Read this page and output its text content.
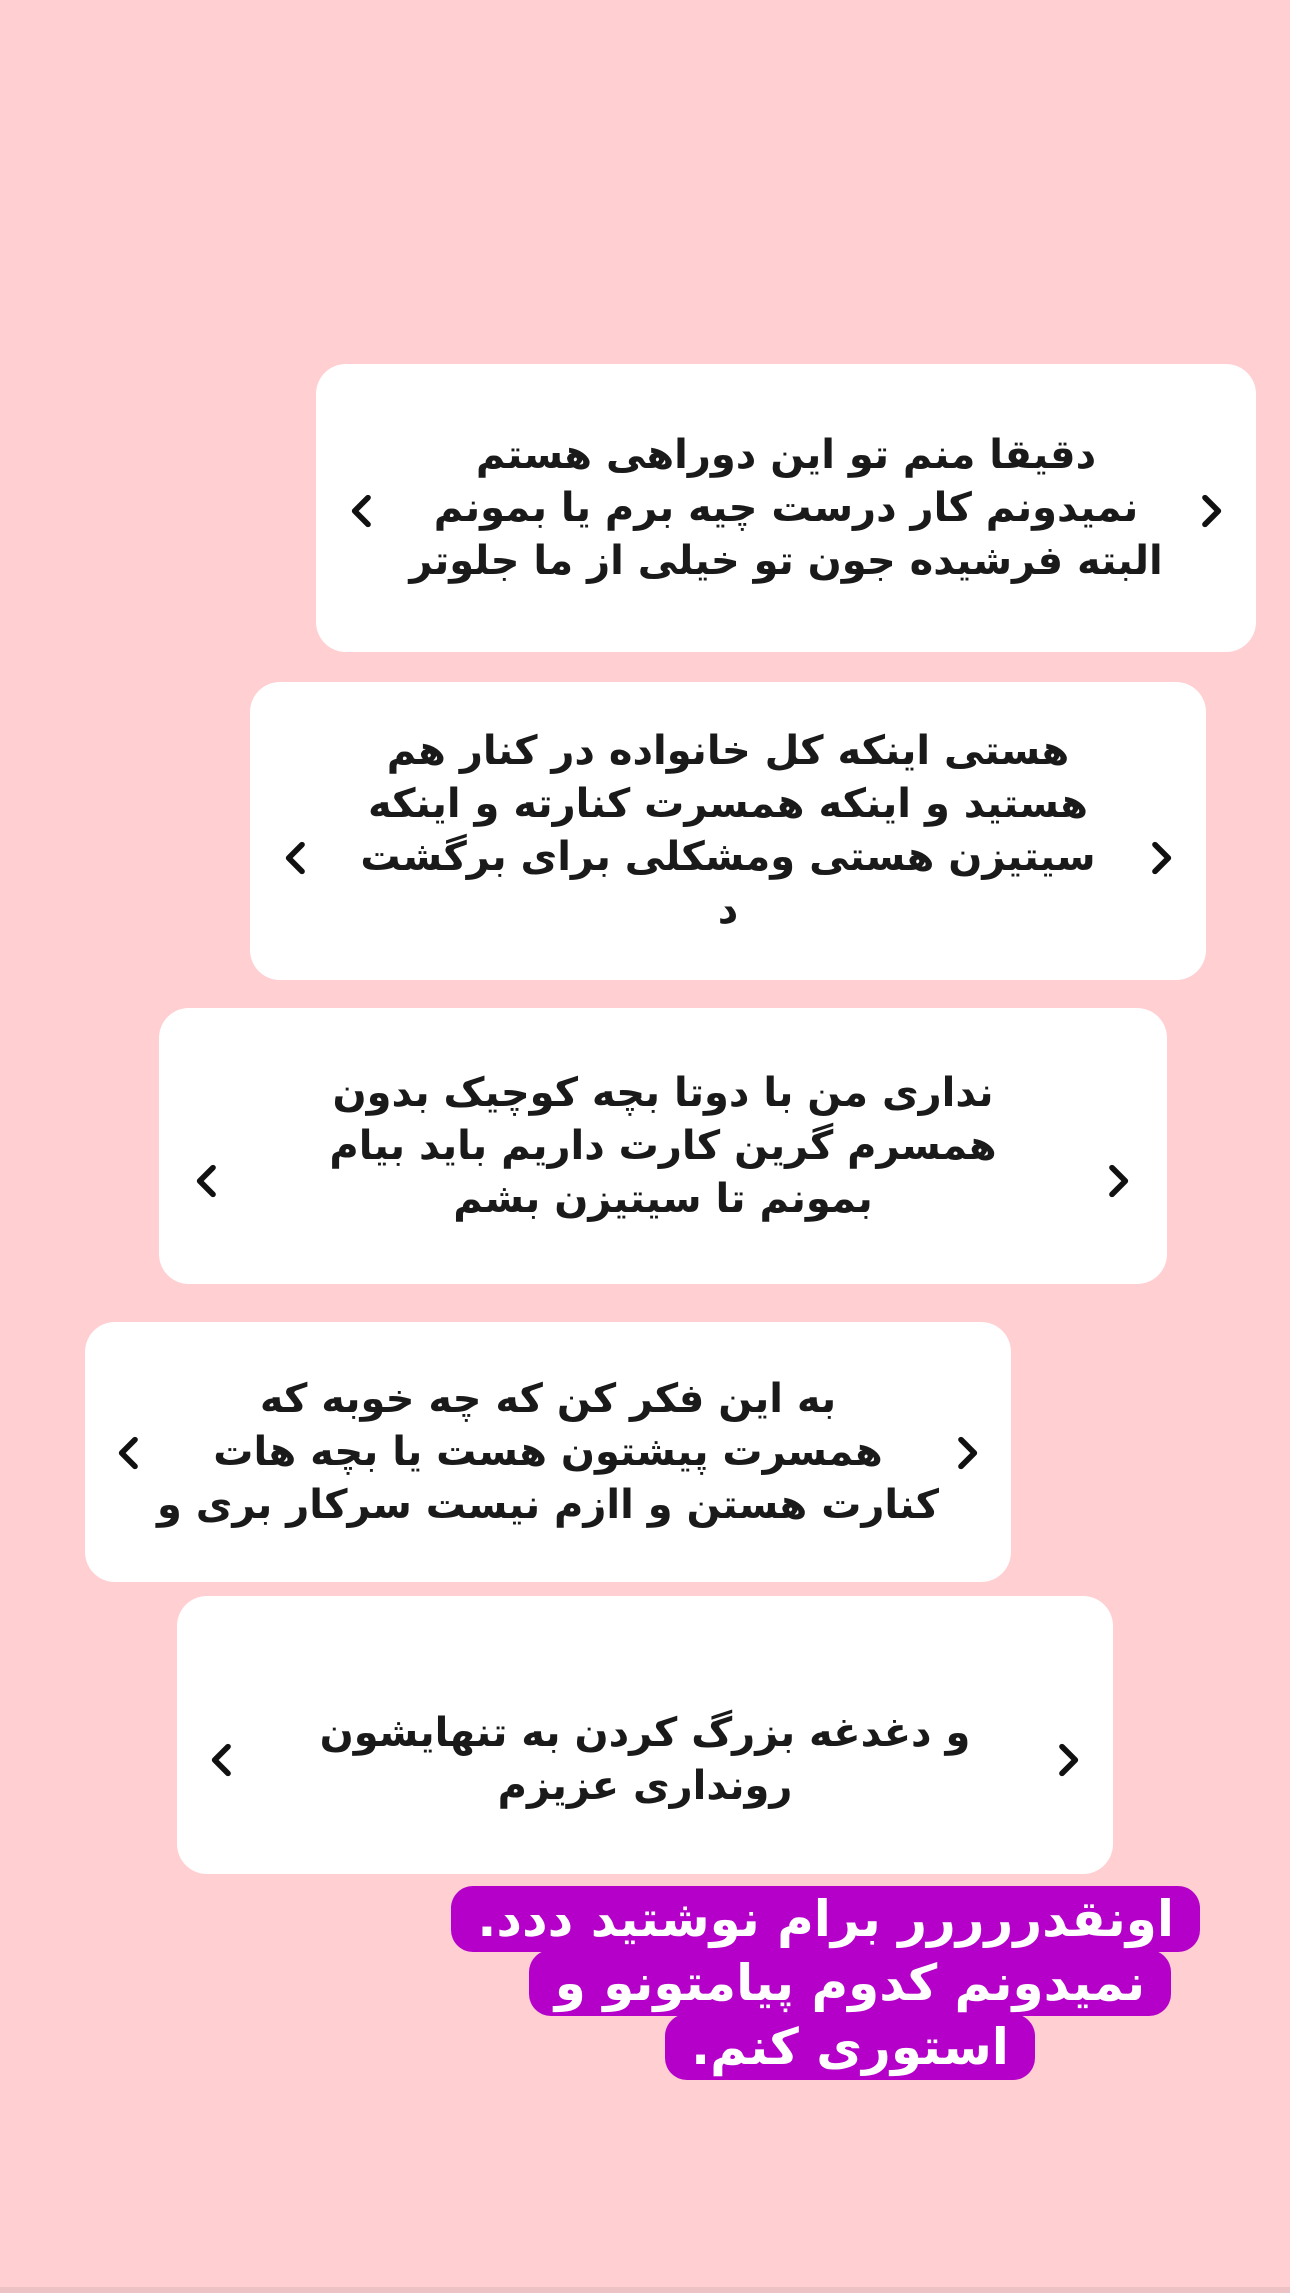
دقیقا منم تو این دوراهی هستم
نمیدونم کار درست چیه برم یا بمونم
البته فرشیده جون تو خیلی از ما جلوتر
هستی اینکه کل خانواده در کنار هم
هستید و اینکه همسرت کنارته و اینکه
سیتیزن هستی ومشکلی برای برگشت
د
نداری من با دوتا بچه کوچیک بدون
همسرم گرین کارت داریم باید بیام
بمونم تا سیتیزن بشم
به این فکر کن که چه خوبه که
همسرت پیشتون هست یا بچه هات
کنارت هستن و اازم نیست سرکار بری و
و دغدغه بزرگ کردن به تنهایشون
رونداری عزیزم
اونقدررررر برام نوشتید ددد.
نمیدونم کدوم پیامتونو و
استوری کنم.
